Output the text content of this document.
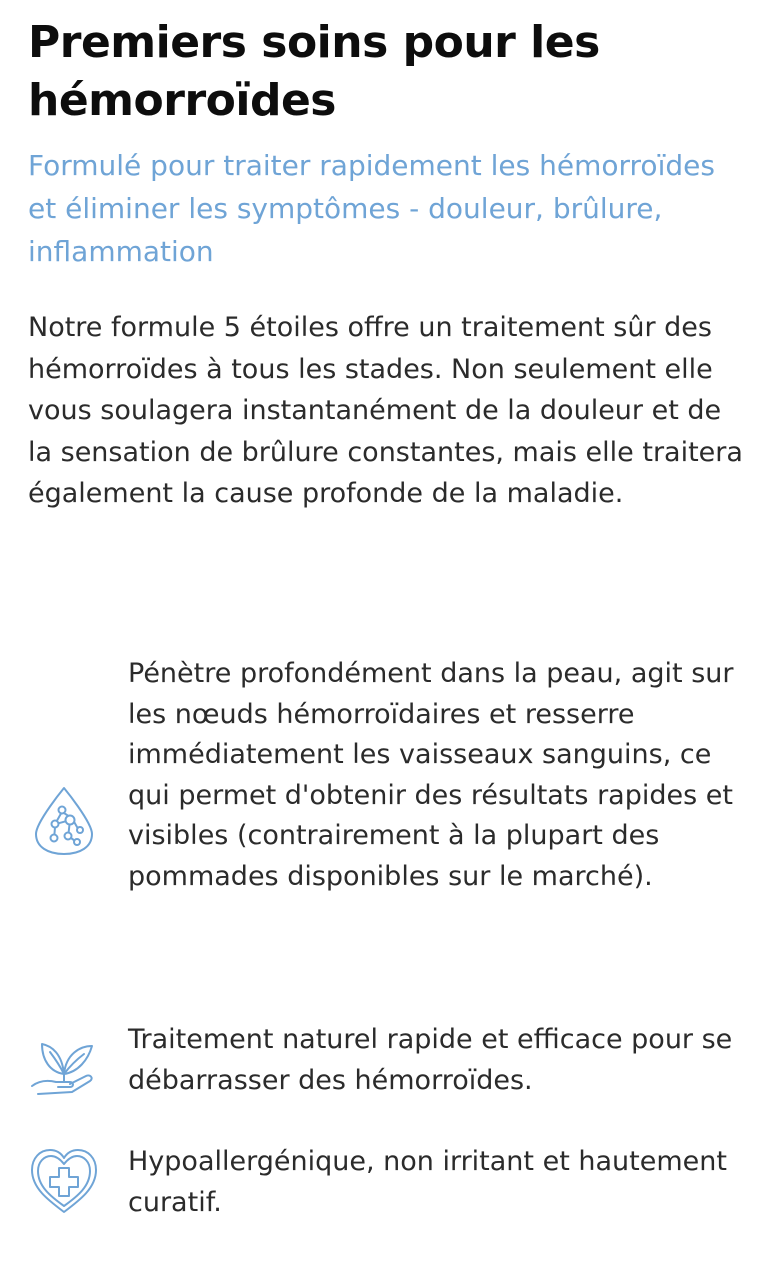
Premiers soins pour les hémorroïdes

Formulé pour traiter rapidement les hémorroïdes et éliminer les symptômes - douleur, brûlure, inflammation

Notre formule 5 étoiles offre un traitement sûr des hémorroïdes à tous les stades. Non seulement elle vous soulagera instantanément de la douleur et de la sensation de brûlure constantes, mais elle traitera également la cause profonde de la maladie.

Pénètre profondément dans la peau, agit sur les nœuds hémorroïdaires et resserre immédiatement les vaisseaux sanguins, ce qui permet d'obtenir des résultats rapides et visibles (contrairement à la plupart des pommades disponibles sur le marché).
Traitement naturel rapide et efficace pour se débarrasser des hémorroïdes.
Hypoallergénique, non irritant et hautement curatif.
